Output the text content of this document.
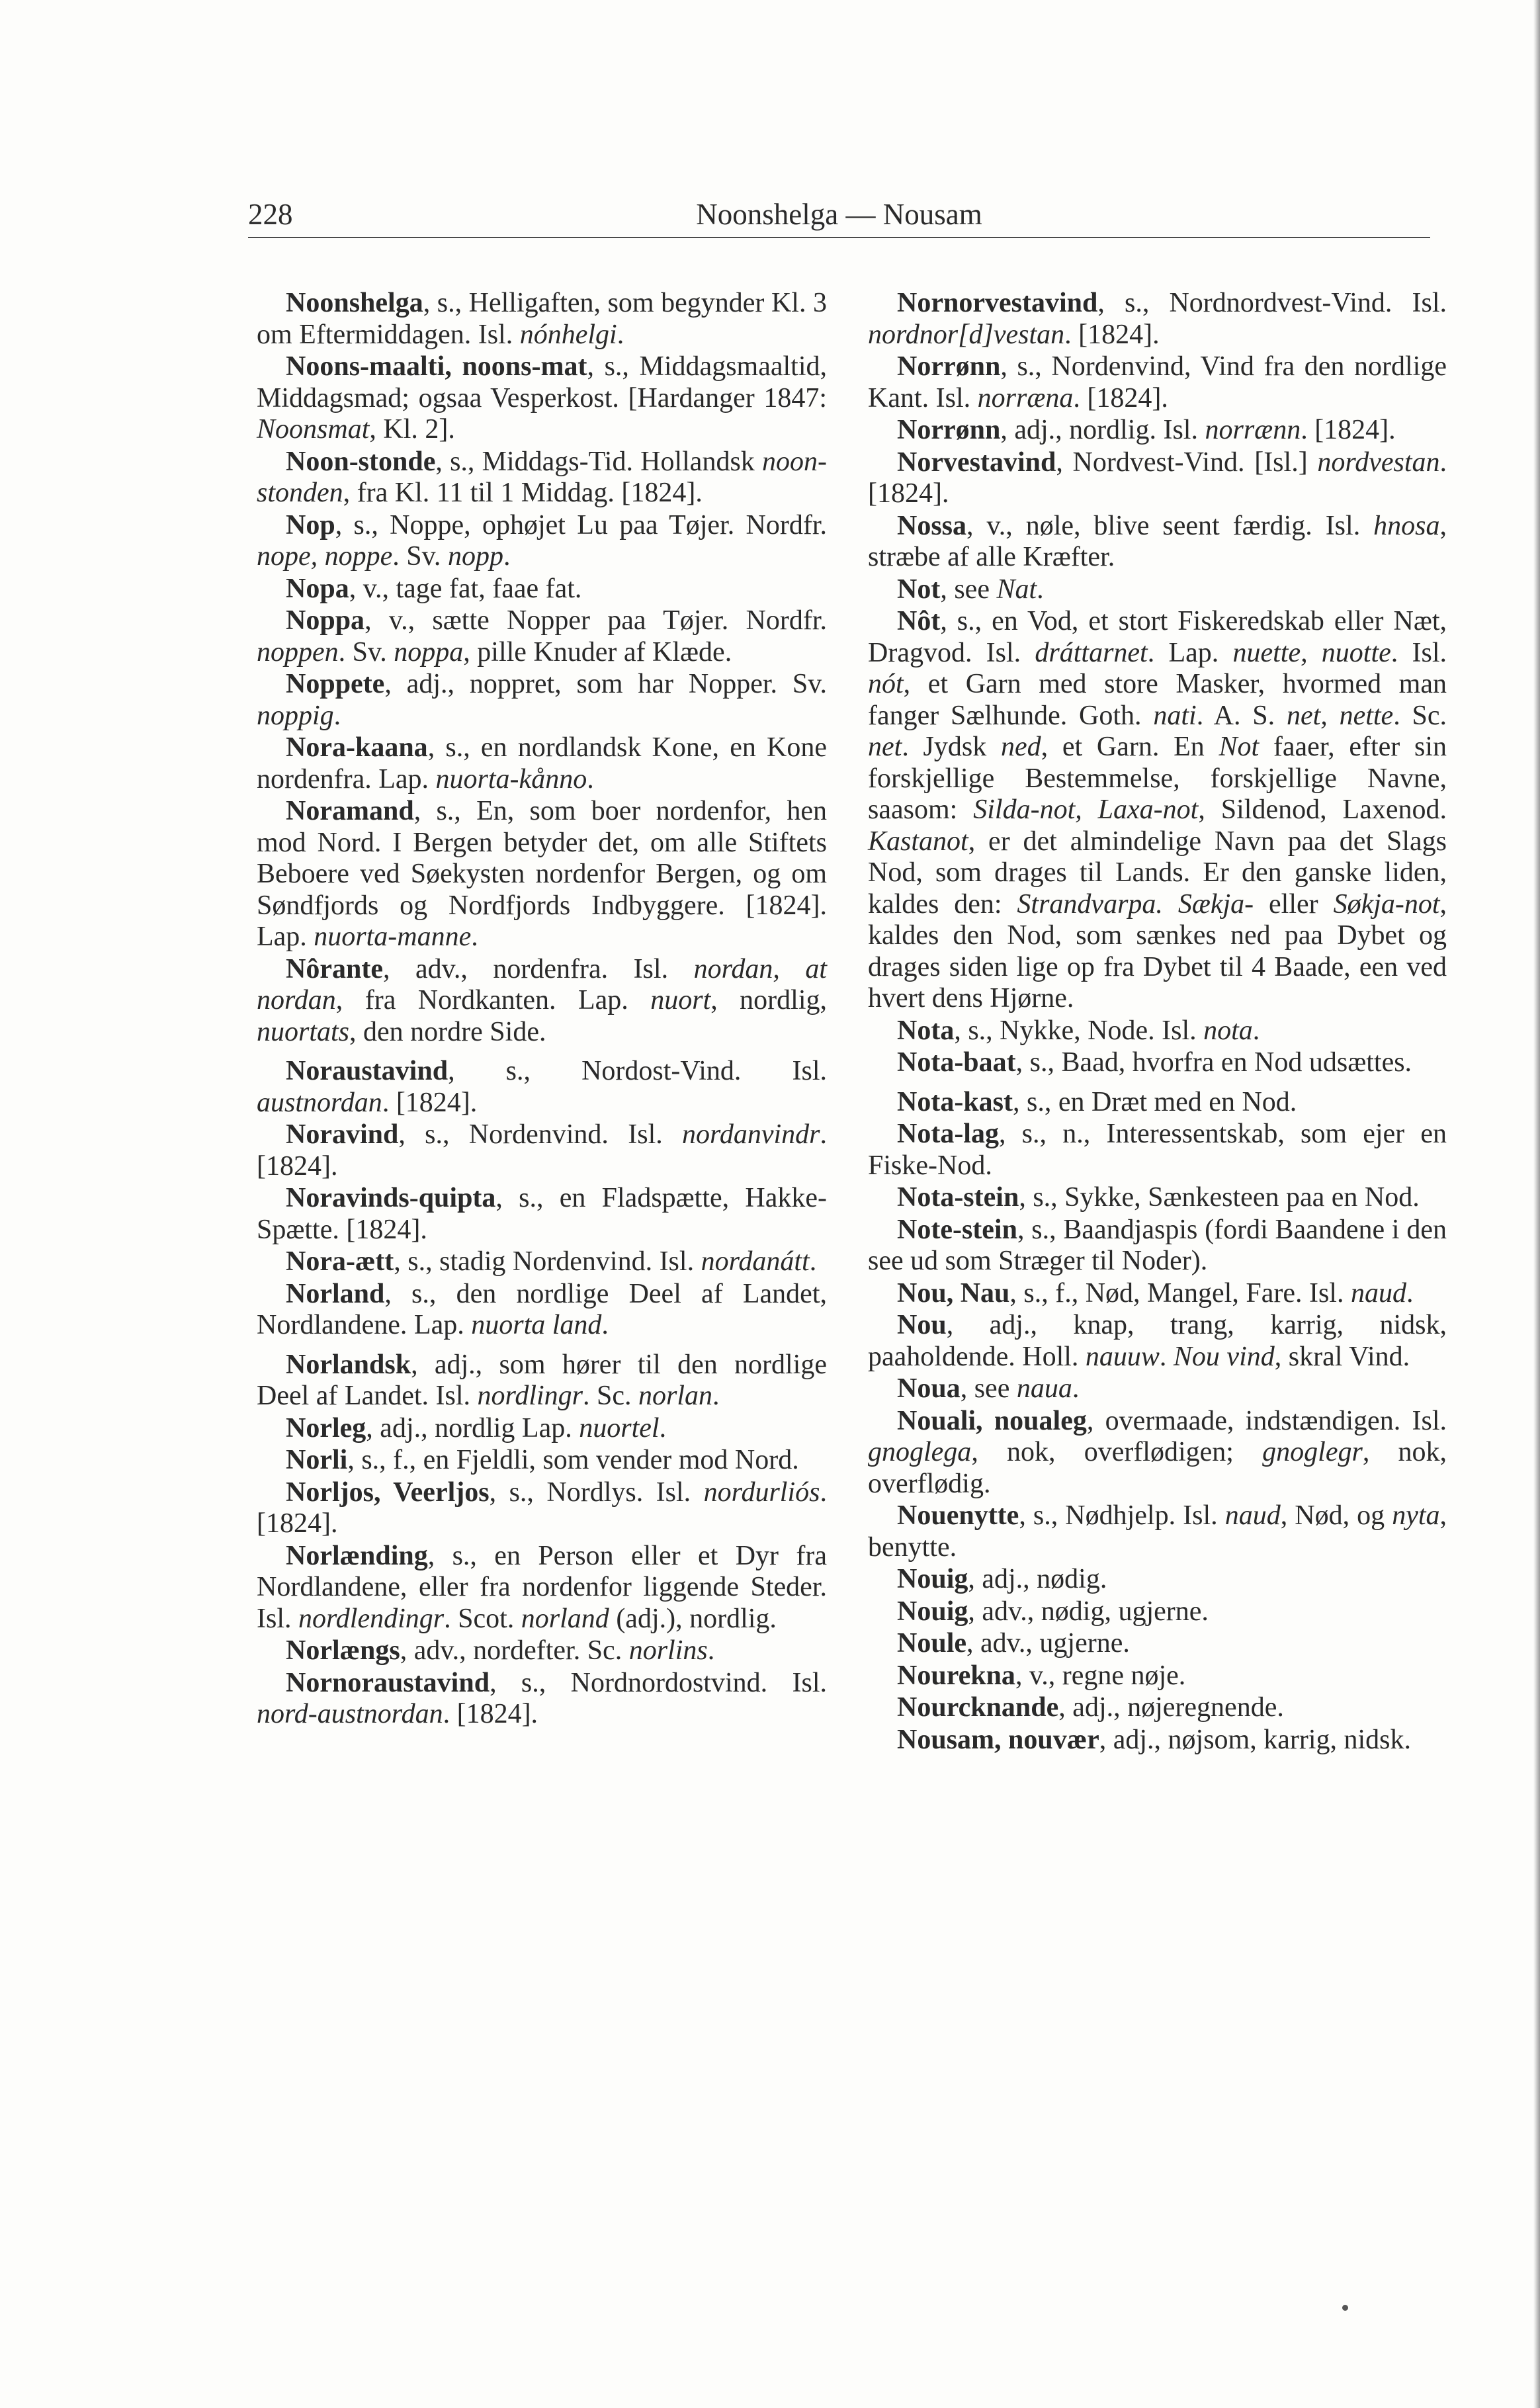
228	Noonshelga — Nousam

Noonshelga, s., Helligaften, som begynder Kl. 3 om Eftermiddagen. Isl. nónhelgi.

Noons-maalti, noons-mat, s., Middagsmaaltid, Middagsmad; ogsaa Vesperkost. [Hardanger 1847: Noonsmat, Kl. 2].

Noon-stonde, s., Middags-Tid. Hollandsk noon-stonden, fra Kl. 11 til 1 Middag. [1824].

Nop, s., Noppe, ophøjet Lu paa Tøjer. Nordfr. nope, noppe. Sv. nopp.

Nopa, v., tage fat, faae fat.

Noppa, v., sætte Nopper paa Tøjer. Nordfr. noppen. Sv. noppa, pille Knuder af Klæde.

Noppete, adj., noppret, som har Nopper. Sv. noppig.

Nora-kaana, s., en nordlandsk Kone, en Kone nordenfra. Lap. nuorta-kånno.

Noramand, s., En, som boer nordenfor, hen mod Nord. I Bergen betyder det, om alle Stiftets Beboere ved Søekysten nordenfor Bergen, og om Søndfjords og Nordfjords Indbyggere. [1824]. Lap. nuorta-manne.

Nôrante, adv., nordenfra. Isl. nordan, at nordan, fra Nordkanten. Lap. nuort, nordlig, nuortats, den nordre Side.

Noraustavind, s., Nordost-Vind. Isl. austnordan. [1824].

Noravind, s., Nordenvind. Isl. nordanvindr. [1824].

Noravinds-quipta, s., en Fladspætte, Hakke-Spætte. [1824].

Nora-ætt, s., stadig Nordenvind. Isl. nordanátt.

Norland, s., den nordlige Deel af Landet, Nordlandene. Lap. nuorta land.

Norlandsk, adj., som hører til den nordlige Deel af Landet. Isl. nordlingr. Sc. norlan.

Norleg, adj., nordlig Lap. nuortel.

Norli, s., f., en Fjeldli, som vender mod Nord.

Norljos, Veerljos, s., Nordlys. Isl. nordurliós. [1824].

Norlænding, s., en Person eller et Dyr fra Nordlandene, eller fra nordenfor liggende Steder. Isl. nordlendingr. Scot. norland (adj.), nordlig.

Norlængs, adv., nordefter. Sc. norlins.

Nornoraustavind, s., Nordnordostvind. Isl. nord-austnordan. [1824].

Nornorvestavind, s., Nordnordvest-Vind. Isl. nordnor[d]vestan. [1824].

Norrønn, s., Nordenvind, Vind fra den nordlige Kant. Isl. norræna. [1824].

Norrønn, adj., nordlig. Isl. norrænn. [1824].

Norvestavind, Nordvest-Vind. [Isl.] nordvestan. [1824].

Nossa, v., nøle, blive seent færdig. Isl. hnosa, stræbe af alle Kræfter.

Not, see Nat.

Nôt, s., en Vod, et stort Fiskeredskab eller Næt, Dragvod. Isl. dráttarnet. Lap. nuette, nuotte. Isl. nót, et Garn med store Masker, hvormed man fanger Sælhunde. Goth. nati. A. S. net, nette. Sc. net. Jydsk ned, et Garn. En Not faaer, efter sin forskjellige Bestemmelse, forskjellige Navne, saasom: Silda-not, Laxa-not, Sildenod, Laxenod. Kastanot, er det almindelige Navn paa det Slags Nod, som drages til Lands. Er den ganske liden, kaldes den: Strandvarpa. Sækja- eller Søkja-not, kaldes den Nod, som sænkes ned paa Dybet og drages siden lige op fra Dybet til 4 Baade, een ved hvert dens Hjørne.

Nota, s., Nykke, Node. Isl. nota.

Nota-baat, s., Baad, hvorfra en Nod udsættes.

Nota-kast, s., en Dræt med en Nod.

Nota-lag, s., n., Interessentskab, som ejer en Fiske-Nod.

Nota-stein, s., Sykke, Sænkesteen paa en Nod.

Note-stein, s., Baandjaspis (fordi Baandene i den see ud som Stræger til Noder).

Nou, Nau, s., f., Nød, Mangel, Fare. Isl. naud.

Nou, adj., knap, trang, karrig, nidsk, paaholdende. Holl. nauuw. Nou vind, skral Vind.

Noua, see naua.

Nouali, noualeg, overmaade, indstændigen. Isl. gnoglega, nok, overflødigen; gnoglegr, nok, overflødig.

Nouenytte, s., Nødhjelp. Isl. naud, Nød, og nyta, benytte.

Nouig, adj., nødig.

Nouig, adv., nødig, ugjerne.

Noule, adv., ugjerne.

Nourekna, v., regne nøje.

Nourcknande, adj., nøjeregnende.

Nousam, nouvær, adj., nøjsom, karrig, nidsk.
